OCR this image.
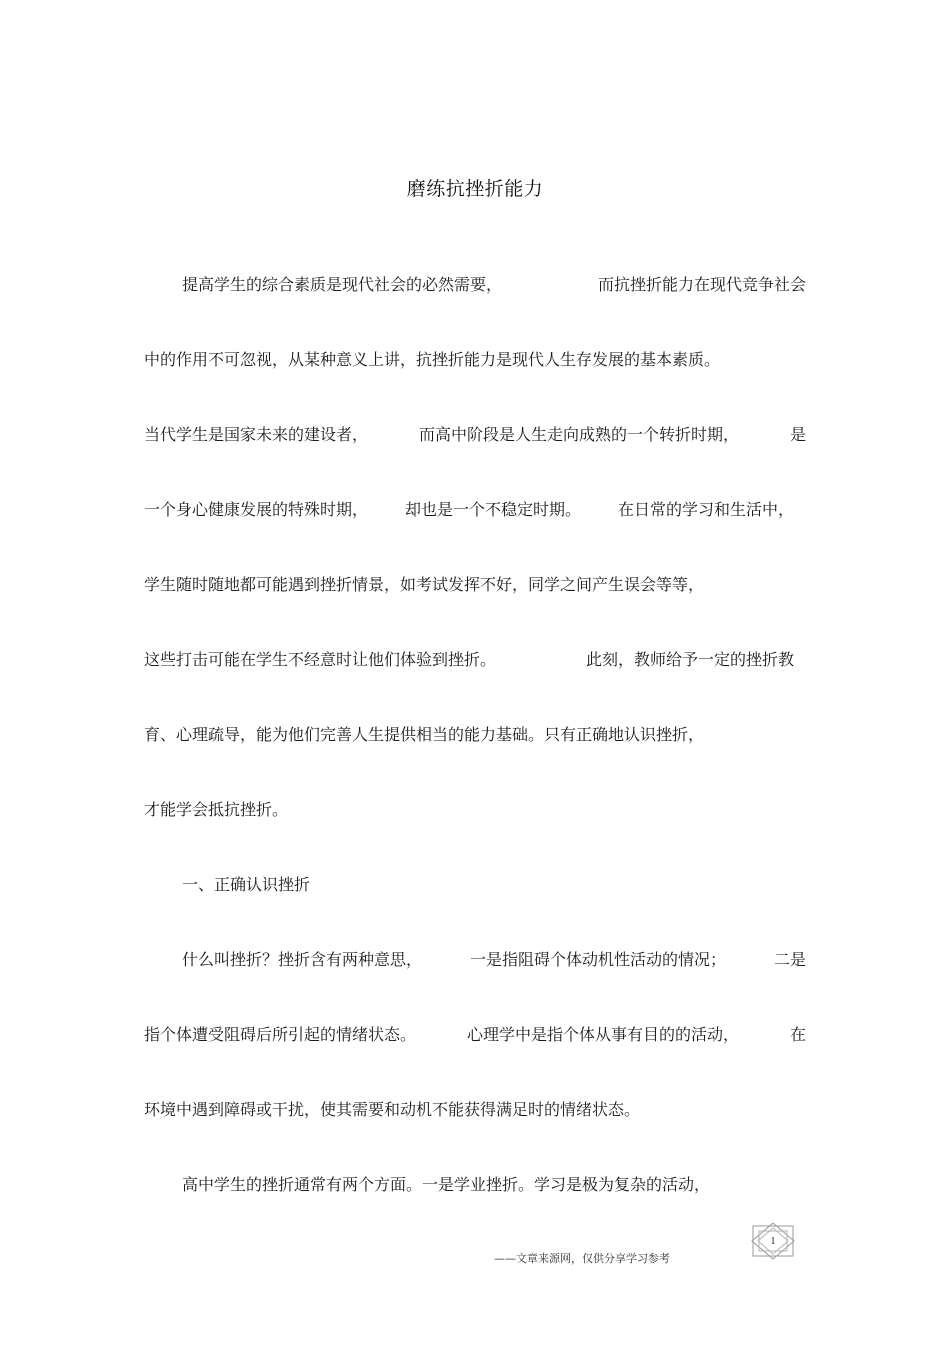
磨练抗挫折能力
提高学生的综合素质是现代社会的必然需要，	而抗挫折能力在现代竞争社会
中的作用不可忽视，从某种意义上讲，抗挫折能力是现代人生存发展的基本素质。
当代学生是国家未来的建设者，	而高中阶段是人生走向成熟的一个转折时期，	是
一个身心健康发展的特殊时期， 却也是一个不稳定时期。 在日常的学习和生活中，
学生随时随地都可能遇到挫折情景，如考试发挥不好，同学之间产生误会等等，
这些打击可能在学生不经意时让他们体验到挫折。	此刻，教师给予一定的挫折教
育、心理疏导，能为他们完善人生提供相当的能力基础。只有正确地认识挫折，
才能学会抵抗挫折。
一、正确认识挫折
什么叫挫折？挫折含有两种意思，	一是指阻碍个体动机性活动的情况；	二是
指个体遭受阻碍后所引起的情绪状态。	心理学中是指个体从事有目的的活动，	在
环境中遇到障碍或干扰，使其需要和动机不能获得满足时的情绪状态。
高中学生的挫折通常有两个方面。一是学业挫折。学习是极为复杂的活动，
——文章来源网，仅供分享学习参考
1
